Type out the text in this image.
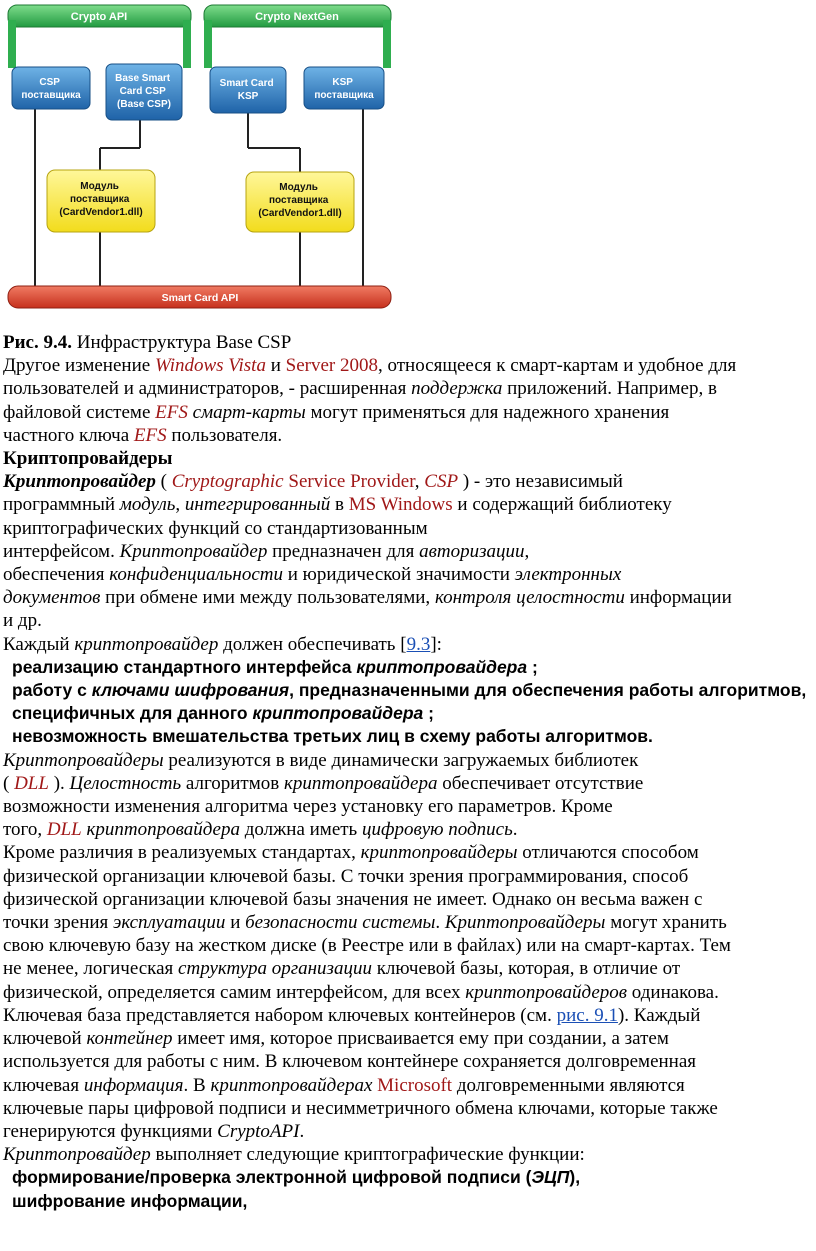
Crypto API	Crypto NextGen
CSP поставщика
Base Smart Card CSP (Base CSP)
Smart Card KSP
KSP поставщика
Модуль поставщика (CardVendor1.dll)
Модуль поставщика (CardVendor1.dll)
Smart Card API

Рис. 9.4. Инфраструктура Base CSP

Другое изменение Windows Vista и Server 2008, относящееся к смарт-картам и удобное для

пользователей и администраторов, - расширенная поддержка приложений. Например, в

файловой системе EFS смарт-карты могут применяться для надежного хранения

частного ключа EFS пользователя.

Криптопровайдеры

Криптопровайдер ( Cryptographic Service Provider, CSP ) - это независимый

программный модуль, интегрированный в MS Windows и содержащий библиотеку

криптографических функций со стандартизованным

интерфейсом. Криптопровайдер предназначен для авторизации,

обеспечения конфиденциальности и юридической значимости электронных

документов при обмене ими между пользователями, контроля целостности информации

и др.

Каждый криптопровайдер должен обеспечивать [9.3]:

реализацию стандартного интерфейса криптопровайдера ;

работу с ключами шифрования, предназначенными для обеспечения работы алгоритмов,

специфичных для данного криптопровайдера ;

невозможность вмешательства третьих лиц в схему работы алгоритмов.

Криптопровайдеры реализуются в виде динамически загружаемых библиотек

( DLL ). Целостность алгоритмов криптопровайдера обеспечивает отсутствие

возможности изменения алгоритма через установку его параметров. Кроме

того, DLL криптопровайдера должна иметь цифровую подпись.

Кроме различия в реализуемых стандартах, криптопровайдеры отличаются способом

физической организации ключевой базы. С точки зрения программирования, способ

физической организации ключевой базы значения не имеет. Однако он весьма важен с

точки зрения эксплуатации и безопасности системы. Криптопровайдеры могут хранить

свою ключевую базу на жестком диске (в Реестре или в файлах) или на смарт-картах. Тем

не менее, логическая структура организации ключевой базы, которая, в отличие от

физической, определяется самим интерфейсом, для всех криптопровайдеров одинакова.

Ключевая база представляется набором ключевых контейнеров (см. рис. 9.1). Каждый

ключевой контейнер имеет имя, которое присваивается ему при создании, а затем

используется для работы с ним. В ключевом контейнере сохраняется долговременная

ключевая информация. В криптопровайдерах Microsoft долговременными являются

ключевые пары цифровой подписи и несимметричного обмена ключами, которые также

генерируются функциями CryptoAPI.

Криптопровайдер выполняет следующие криптографические функции:

формирование/проверка электронной цифровой подписи (ЭЦП),

шифрование информации,
